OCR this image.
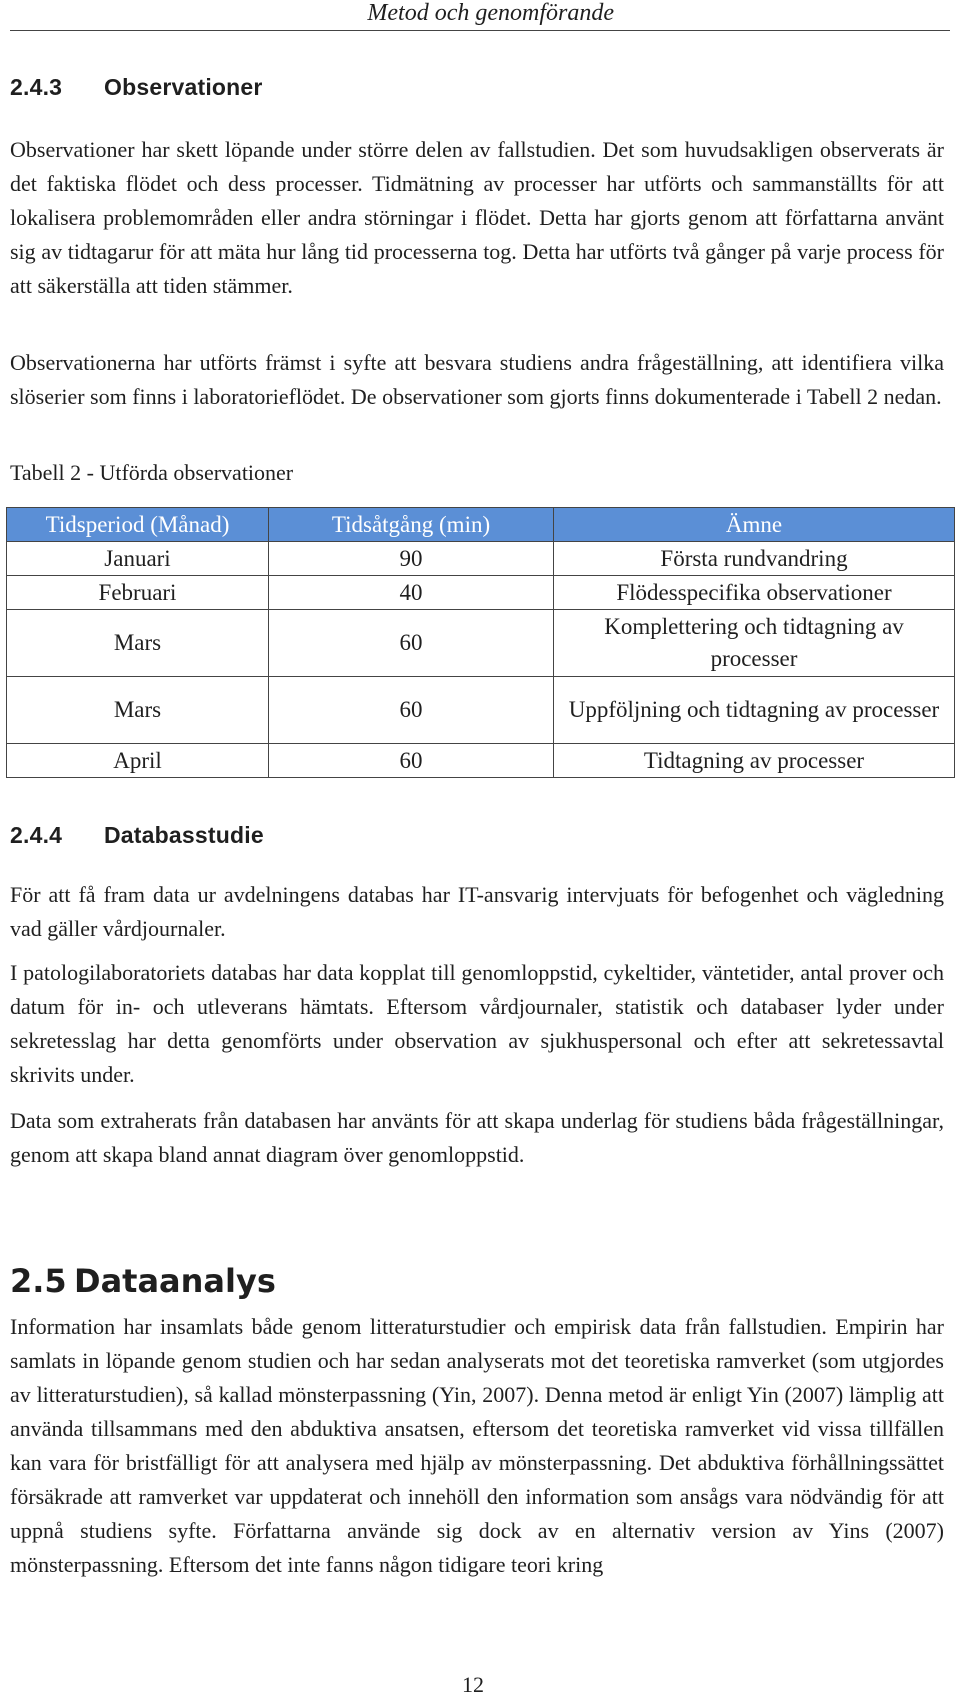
Metod och genomförande
2.4.3 Observationer
Observationer har skett löpande under större delen av fallstudien. Det som huvudsakligen observerats är det faktiska flödet och dess processer. Tidmätning av processer har utförts och sammanställts för att lokalisera problemområden eller andra störningar i flödet. Detta har gjorts genom att författarna använt sig av tidtagarur för att mäta hur lång tid processerna tog. Detta har utförts två gånger på varje process för att säkerställa att tiden stämmer.
Observationerna har utförts främst i syfte att besvara studiens andra frågeställning, att identifiera vilka slöserier som finns i laboratorieflödet. De observationer som gjorts finns dokumenterade i Tabell 2 nedan.
Tabell 2 - Utförda observationer
Tidsperiod (Månad)	Tidsåtgång (min)	Ämne
Januari	90	Första rundvandring
Februari	40	Flödesspecifika observationer
Mars	60	Komplettering och tidtagning av processer
Mars	60	Uppföljning och tidtagning av processer
April	60	Tidtagning av processer
2.4.4 Databasstudie
För att få fram data ur avdelningens databas har IT-ansvarig intervjuats för befogenhet och vägledning vad gäller vårdjournaler.
I patologilaboratoriets databas har data kopplat till genomloppstid, cykeltider, väntetider, antal prover och datum för in- och utleverans hämtats. Eftersom vårdjournaler, statistik och databaser lyder under sekretesslag har detta genomförts under observation av sjukhuspersonal och efter att sekretessavtal skrivits under.
Data som extraherats från databasen har använts för att skapa underlag för studiens båda frågeställningar, genom att skapa bland annat diagram över genomloppstid.
2.5 Dataanalys
Information har insamlats både genom litteraturstudier och empirisk data från fallstudien. Empirin har samlats in löpande genom studien och har sedan analyserats mot det teoretiska ramverket (som utgjordes av litteraturstudien), så kallad mönsterpassning (Yin, 2007). Denna metod är enligt Yin (2007) lämplig att använda tillsammans med den abduktiva ansatsen, eftersom det teoretiska ramverket vid vissa tillfällen kan vara för bristfälligt för att analysera med hjälp av mönsterpassning. Det abduktiva förhållningssättet försäkrade att ramverket var uppdaterat och innehöll den information som ansågs vara nödvändig för att uppnå studiens syfte. Författarna använde sig dock av en alternativ version av Yins (2007) mönsterpassning. Eftersom det inte fanns någon tidigare teori kring
12
